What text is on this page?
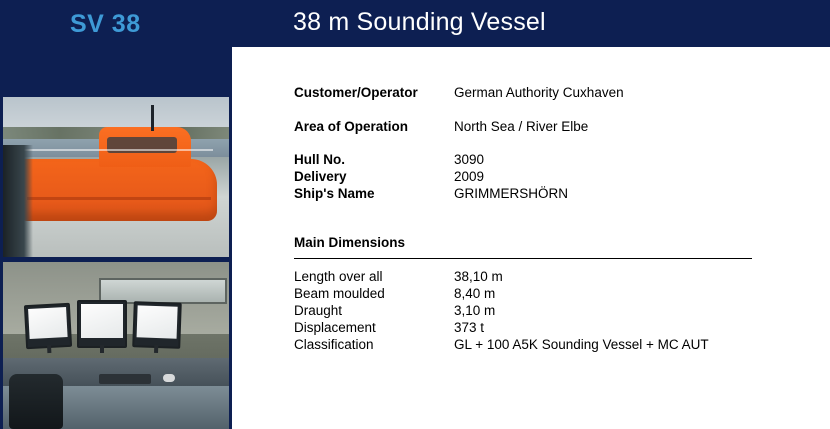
SV 38	38 m Sounding Vessel
Customer/Operator	German Authority Cuxhaven
Area of Operation	North Sea / River Elbe
Hull No.	3090
Delivery	2009
Ship's Name	GRIMMERSHÖRN
Main Dimensions
Length over all	38,10 m
Beam moulded	8,40 m
Draught	3,10 m
Displacement	373 t
Classification	GL + 100 A5K Sounding Vessel + MC AUT
